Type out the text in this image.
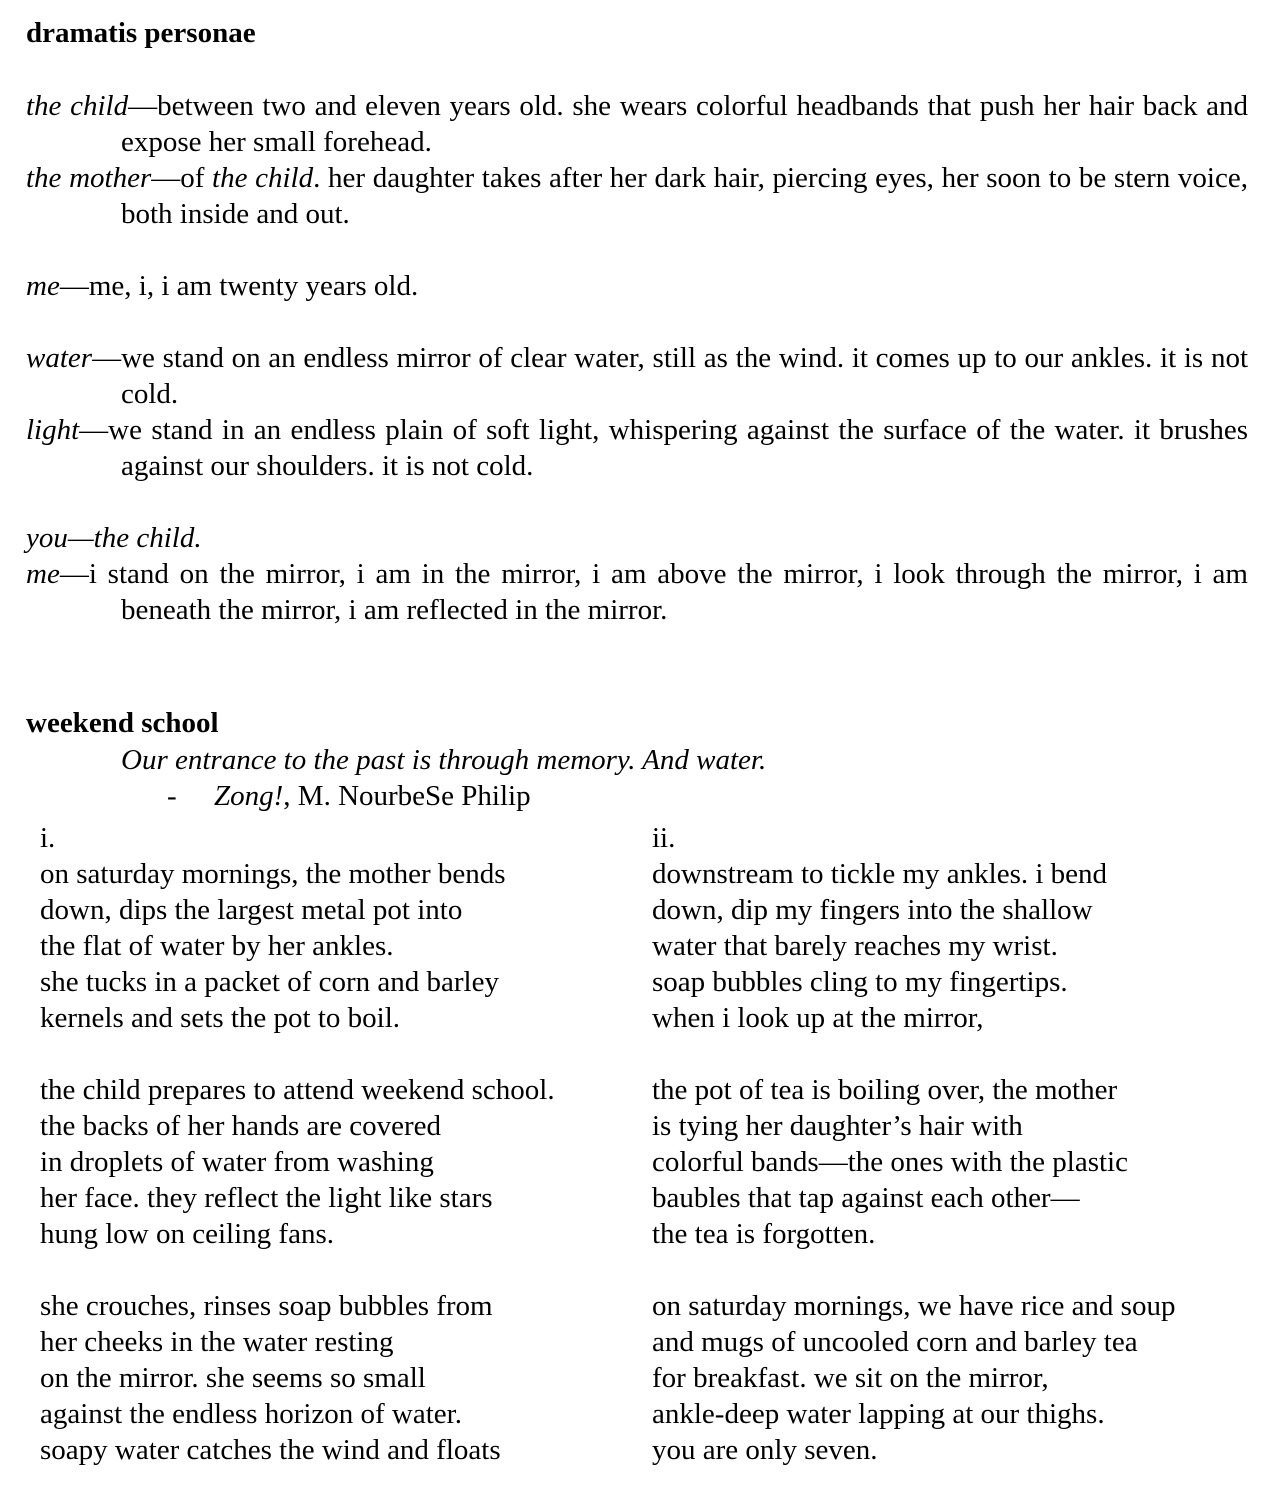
dramatis personae

the child—between two and eleven years old. she wears colorful headbands that push her hair back and expose her small forehead.

the mother—of the child. her daughter takes after her dark hair, piercing eyes, her soon to be stern voice, both inside and out.

me—me, i, i am twenty years old.

water—we stand on an endless mirror of clear water, still as the wind. it comes up to our ankles. it is not cold.

light—we stand in an endless plain of soft light, whispering against the surface of the water. it brushes against our shoulders. it is not cold.

you—the child.

me—i stand on the mirror, i am in the mirror, i am above the mirror, i look through the mirror, i am beneath the mirror, i am reflected in the mirror.

weekend school

Our entrance to the past is through memory. And water.

- Zong!, M. NourbeSe Philip

i.
on saturday mornings, the mother bends
down, dips the largest metal pot into
the flat of water by her ankles.
she tucks in a packet of corn and barley
kernels and sets the pot to boil.
the child prepares to attend weekend school.
the backs of her hands are covered
in droplets of water from washing
her face. they reflect the light like stars
hung low on ceiling fans.
she crouches, rinses soap bubbles from
her cheeks in the water resting
on the mirror. she seems so small
against the endless horizon of water.
soapy water catches the wind and floats
ii.
downstream to tickle my ankles. i bend
down, dip my fingers into the shallow
water that barely reaches my wrist.
soap bubbles cling to my fingertips.
when i look up at the mirror,
the pot of tea is boiling over, the mother
is tying her daughter’s hair with
colorful bands—the ones with the plastic
baubles that tap against each other—
the tea is forgotten.
on saturday mornings, we have rice and soup
and mugs of uncooled corn and barley tea
for breakfast. we sit on the mirror,
ankle-deep water lapping at our thighs.
you are only seven.
